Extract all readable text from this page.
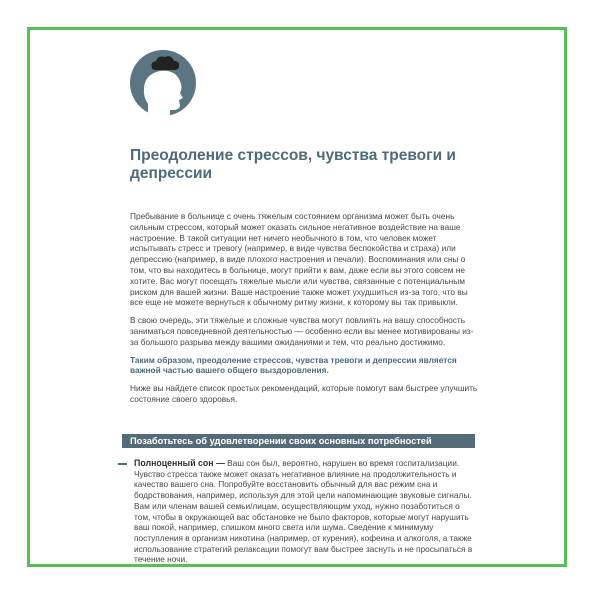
Преодоление стрессов, чувства тревоги и депрессии

Пребывание в больнице с очень тяжелым состоянием организма может быть очень сильным стрессом, который может оказать сильное негативное воздействие на ваше настроение. В такой ситуации нет ничего необычного в том, что человек может испытывать стресс и тревогу (например, в виде чувства беспокойства и страха) или депрессию (например, в виде плохого настроения и печали). Воспоминания или сны о том, что вы находитесь в больнице, могут прийти к вам, даже если вы этого совсем не хотите. Вас могут посещать тяжелые мысли или чувства, связанные с потенциальным риском для вашей жизни. Ваше настроение также может ухудшиться из-за того, что вы все еще не можете вернуться к обычному ритму жизни, к которому вы так привыкли.

В свою очередь, эти тяжелые и сложные чувства могут повлиять на вашу способность заниматься повседневной деятельностью — особенно если вы менее мотивированы из-за большого разрыва между вашими ожиданиями и тем, что реально достижимо.

Таким образом, преодоление стрессов, чувства тревоги и депрессии является важной частью вашего общего выздоровления.

Ниже вы найдете список простых рекомендаций, которые помогут вам быстрее улучшить состояние своего здоровья.

Позаботьтесь об удовлетворении своих основных потребностей
Полноценный сон — Ваш сон был, вероятно, нарушен во время госпитализации. Чувство стресса также может оказать негативное влияние на продолжительность и качество вашего сна. Попробуйте восстановить обычный для вас режим сна и бодрствования, например, используя для этой цели напоминающие звуковые сигналы. Вам или членам вашей семьи/лицам, осуществляющим уход, нужно позаботиться о том, чтобы в окружающей вас обстановке не было факторов, которые могут нарушить ваш покой, например, слишком много света или шума. Сведение к минимуму поступления в организм никотина (например, от курения), кофеина и алкоголя, а также использование стратегий релаксации помогут вам быстрее заснуть и не просыпаться в течение ночи.
